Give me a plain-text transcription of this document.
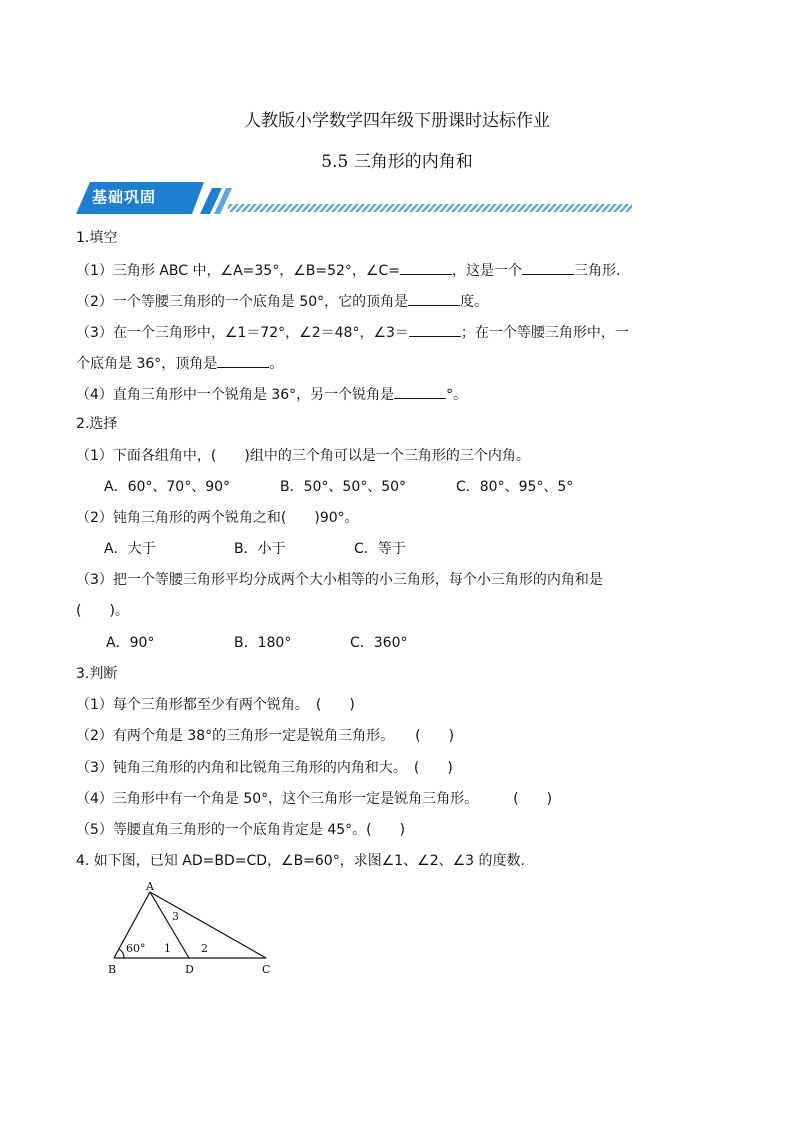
人教版小学数学四年级下册课时达标作业
5.5 三角形的内角和
基础巩固
1.填空
（1）三角形 ABC 中，∠A=35°，∠B=52°，∠C=	，这是一个	三角形.
（2）一个等腰三角形的一个底角是 50°，它的顶角是	度。
（3）在一个三角形中，∠1＝72°，∠2＝48°，∠3＝	；在一个等腰三角形中，一
个底角是 36°，顶角是	。
（4）直角三角形中一个锐角是 36°，另一个锐角是	°。
2.选择
（1）下面各组角中，(　　)组中的三个角可以是一个三角形的三个内角。
A．60°、70°、90°	B．50°、50°、50°	C．80°、95°、5°
（2）钝角三角形的两个锐角之和(　　)90°。
A．大于	B．小于	C．等于
（3）把一个等腰三角形平均分成两个大小相等的小三角形，每个小三角形的内角和是
(　　)。
A．90°	B．180°	C．360°
3.判断
（1）每个三角形都至少有两个锐角。　(　　)
（2）有两个角是 38°的三角形一定是锐角三角形。　　(　　)
（3）钝角三角形的内角和比锐角三角形的内角和大。　(　　)
（4）三角形中有一个角是 50°，这个三角形一定是锐角三角形。　　　(　　)
（5）等腰直角三角形的一个底角肯定是 45°。(　　)
4. 如下图，已知 AD=BD=CD，∠B=60°，求图∠1、∠2、∠3 的度数.
A
B	C
D
60° 1	2
3
